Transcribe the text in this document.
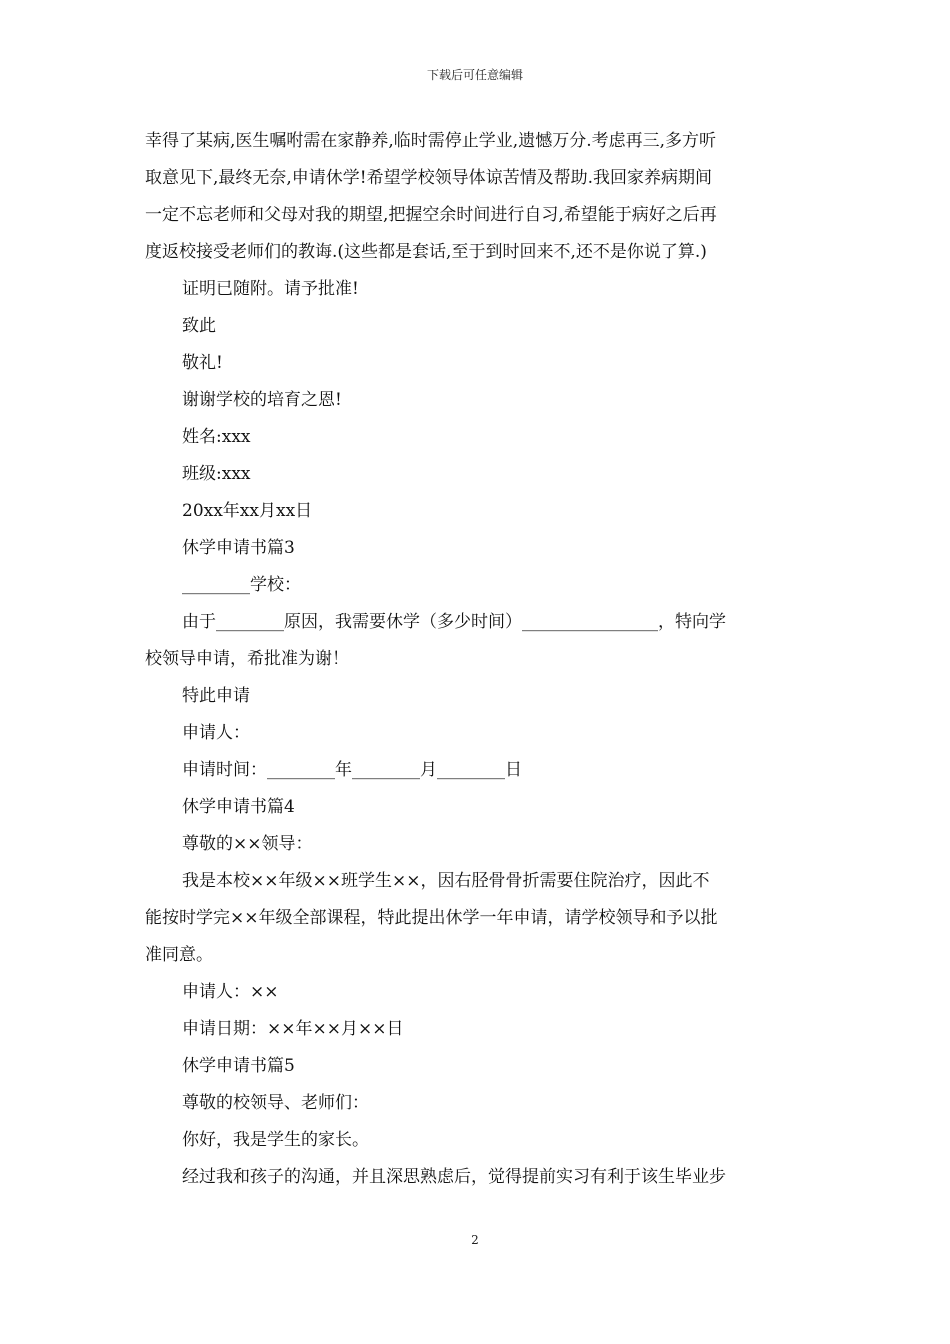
下载后可任意编辑

幸得了某病,医生嘱咐需在家静养,临时需停止学业,遗憾万分.考虑再三,多方听

取意见下,最终无奈,申请休学!希望学校领导体谅苦情及帮助.我回家养病期间

一定不忘老师和父母对我的期望,把握空余时间进行自习,希望能于病好之后再

度返校接受老师们的教诲.(这些都是套话,至于到时回来不,还不是你说了算.)

证明已随附。请予批准!

致此

敬礼!

谢谢学校的培育之恩!

姓名:xxx

班级:xxx

20xx年xx月xx日

休学申请书篇3

________学校：

由于________原因，我需要休学（多少时间）________________，特向学

校领导申请，希批准为谢！

特此申请

申请人：

申请时间：________年________月________日

休学申请书篇4

尊敬的××领导：

我是本校××年级××班学生××，因右胫骨骨折需要住院治疗，因此不

能按时学完××年级全部课程，特此提出休学一年申请，请学校领导和予以批

准同意。

申请人：××

申请日期：××年××月××日

休学申请书篇5

尊敬的校领导、老师们：

你好，我是学生的家长。

经过我和孩子的沟通，并且深思熟虑后，觉得提前实习有利于该生毕业步

2
